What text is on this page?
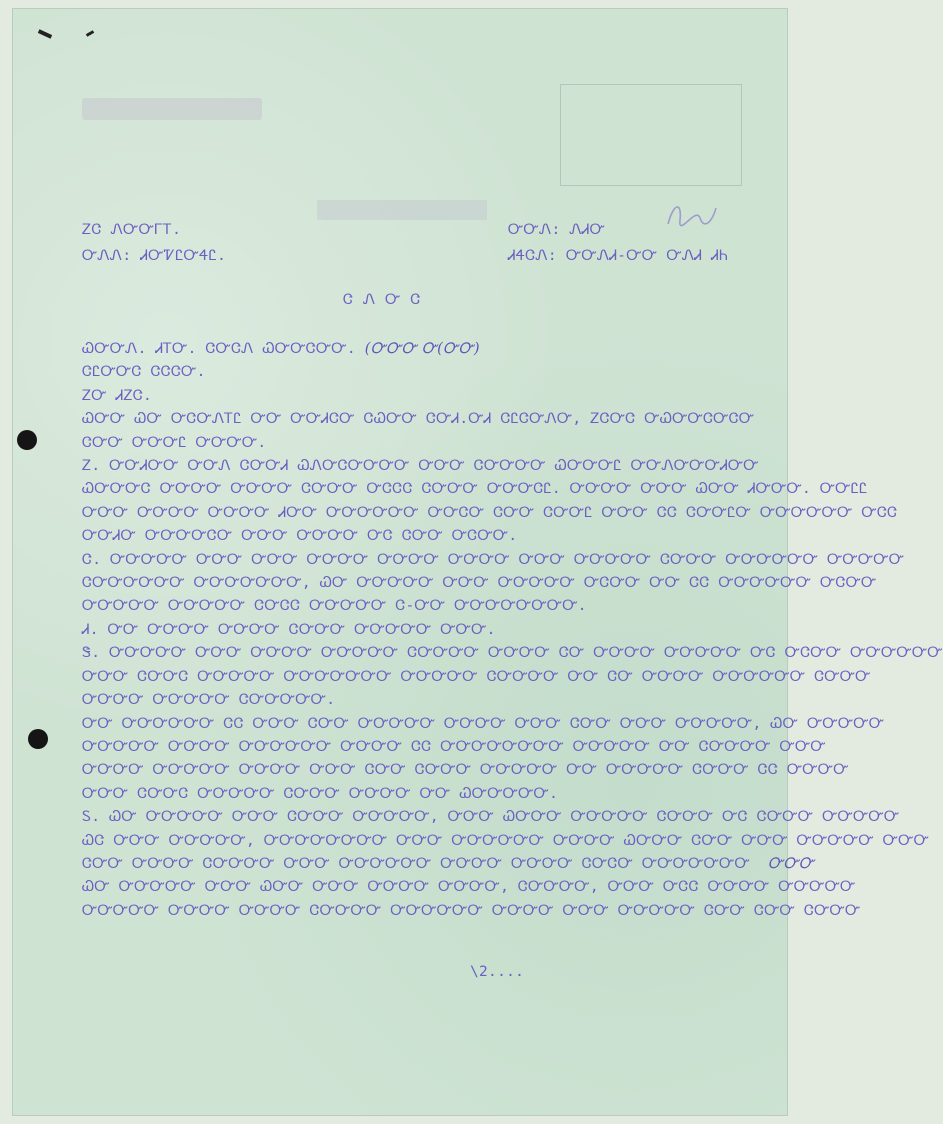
ᏃᏣ ᏁᏅᏅᎱᎢ.
ᏅᏁᏁ: ᏗᏅᏤᏝᏅᏎᏝ.
ᏅᏅᏁ: ᏁᏗᏅ
ᏗᏎᏣᏁ: ᏅᏅᏁᏗ-ᏅᏅ ᏅᏁᏗ ᏗᏂ
ᏣᏁᏅᏣ
ᏇᏅᏅᏁ. ᏗᎢᏅ. ᏣᏅᏣᏁ ᏇᏅᏅᏣᏅᏅ. (ᏅᏅᏅ Ꮕ(ᏅᏅ)
ᏣᏝᏅᏅᏣ ᏣᏣᏣᏅ.
ᏃᏅ ᏗᏃᏣ.
ᏇᏅᏅ ᏇᏅ ᏅᏣᏅᏁᎢᏝ ᏅᏅ ᏅᏅᏗᏣᏅ ᏣᏇᏅᏅ ᏣᏅᏗ.ᏅᏗ ᏣᏝᏣᏅᏁᏅ, ᏃᏣᏅᏣ ᏅᏇᏅᏅᏣᏅᏣᏅ
ᏣᏅᏅ ᏅᏅᏅᏝ ᏅᏅᏅᏅ.
Ꮓ. ᏅᏅᏗᏅᏅ ᏅᏅᏁ ᏣᏅᏅᏗ ᏇᏁᏅᏣᏅᏅᏅᏅ ᏅᏅᏅ ᏣᏅᏅᏅᏅ ᏇᏅᏅᏅᏝ ᏅᏅᏁᏅᏅᏅᏗᏅᏅ
ᏇᏅᏅᏅᏣ ᏅᏅᏅᏅ ᏅᏅᏅᏅ ᏣᏅᏅᏅ ᏅᏣᏣᏣ ᏣᏅᏅᏅ ᏅᏅᏅᏣᏝ. ᏅᏅᏅᏅ ᏅᏅᏅ ᏇᏅᏅ ᏗᏅᏅᏅ. ᏅᏅᏝᏝ
ᏅᏅᏅ ᏅᏅᏅᏅ ᏅᏅᏅᏅ ᏗᏅᏅ ᏅᏅᏅᏅᏅᏅ ᏅᏅᏣᏅ ᏣᏅᏅ ᏣᏅᏅᏝ ᏅᏅᏅ ᏣᏣ ᏣᏅᏅᏝᏅ ᏅᏅᏅᏅᏅᏅ ᏅᏣᏣ
ᏅᏅᏗᏅ ᏅᏅᏅᏅᏣᏅ ᏅᏅᏅ ᏅᏅᏅᏅ ᏅᏣ ᏣᏅᏅ ᏅᏣᏅᏅ.
Ꮳ. ᏅᏅᏅᏅᏅ ᏅᏅᏅ ᏅᏅᏅ ᏅᏅᏅᏅ ᏅᏅᏅᏅ ᏅᏅᏅᏅ ᏅᏅᏅ ᏅᏅᏅᏅᏅ ᏣᏅᏅᏅ ᏅᏅᏅᏅᏅᏅ ᏅᏅᏅᏅᏅ
ᏣᏅᏅᏅᏅᏅᏅ ᏅᏅᏅᏅᏅᏅᏅ, ᏇᏅ ᏅᏅᏅᏅᏅ ᏅᏅᏅ ᏅᏅᏅᏅᏅ ᏅᏣᏅᏅ ᏅᏅ ᏣᏣ ᏅᏅᏅᏅᏅᏅ ᏅᏣᏅᏅ
ᏅᏅᏅᏅᏅ ᏅᏅᏅᏅᏅ ᏣᏅᏣᏣ ᏅᏅᏅᏅᏅ Ꮳ-ᏅᏅ ᏅᏅᏅᏅᏅᏅᏅᏅ.
Ꮧ. ᏅᏅ ᏅᏅᏅᏅ ᏅᏅᏅᏅ ᏣᏅᏅᏅ ᏅᏅᏅᏅᏅ ᏅᏅᏅ.
Ꮥ. ᏅᏅᏅᏅᏅ ᏅᏅᏅ ᏅᏅᏅᏅ ᏅᏅᏅᏅᏅ ᏣᏅᏅᏅᏅ ᏅᏅᏅᏅ ᏣᏅ ᏅᏅᏅᏅ ᏅᏅᏅᏅᏅ ᏅᏣ ᏅᏣᏅᏅ ᏅᏅᏅᏅᏅᏅ
ᏅᏅᏅ ᏣᏅᏅᏣ ᏅᏅᏅᏅᏅ ᏅᏅᏅᏅᏅᏅᏅ ᏅᏅᏅᏅᏅ ᏣᏅᏅᏅᏅ ᏅᏅ ᏣᏅ ᏅᏅᏅᏅ ᏅᏅᏅᏅᏅᏅ ᏣᏅᏅᏅ
ᏅᏅᏅᏅ ᏅᏅᏅᏅᏅ ᏣᏅᏅᏅᏅᏅ.
ᏅᏅ ᏅᏅᏅᏅᏅᏅ ᏣᏣ ᏅᏅᏅ ᏣᏅᏅ ᏅᏅᏅᏅᏅ ᏅᏅᏅᏅ ᏅᏅᏅ ᏣᏅᏅ ᏅᏅᏅ ᏅᏅᏅᏅᏅ, ᏇᏅ ᏅᏅᏅᏅᏅ
ᏅᏅᏅᏅᏅ ᏅᏅᏅᏅ ᏅᏅᏅᏅᏅᏅ ᏅᏅᏅᏅ ᏣᏣ ᏅᏅᏅᏅᏅᏅᏅᏅ ᏅᏅᏅᏅᏅ ᏅᏅ ᏣᏅᏅᏅᏅ ᏅᏅᏅ
ᏅᏅᏅᏅ ᏅᏅᏅᏅᏅ ᏅᏅᏅᏅ ᏅᏅᏅ ᏣᏅᏅ ᏣᏅᏅᏅ ᏅᏅᏅᏅᏅ ᏅᏅ ᏅᏅᏅᏅᏅ ᏣᏅᏅᏅ ᏣᏣ ᏅᏅᏅᏅ
ᏅᏅᏅ ᏣᏅᏅᏣ ᏅᏅᏅᏅᏅ ᏣᏅᏅᏅ ᏅᏅᏅᏅ ᏅᏅ ᏇᏅᏅᏅᏅᏅ.
Ꮪ. ᏇᏅ ᏅᏅᏅᏅᏅ ᏅᏅᏅ ᏣᏅᏅᏅ ᏅᏅᏅᏅᏅ, ᏅᏅᏅ ᏇᏅᏅᏅ ᏅᏅᏅᏅᏅ ᏣᏅᏅᏅ ᏅᏣ ᏣᏅᏅᏅ ᏅᏅᏅᏅᏅ
ᏇᏣ ᏅᏅᏅ ᏅᏅᏅᏅᏅ, ᏅᏅᏅᏅᏅᏅᏅᏅ ᏅᏅᏅ ᏅᏅᏅᏅᏅᏅ ᏅᏅᏅᏅ ᏇᏅᏅᏅ ᏣᏅᏅ ᏅᏅᏅ ᏅᏅᏅᏅᏅ ᏅᏅᏅ
ᏣᏅᏅ ᏅᏅᏅᏅ ᏣᏅᏅᏅᏅ ᏅᏅᏅ ᏅᏅᏅᏅᏅᏅ ᏅᏅᏅᏅ ᏅᏅᏅᏅ ᏣᏅᏣᏅ ᏅᏅᏅᏅᏅᏅᏅ ᏅᏅᏅ
ᏇᏅ ᏅᏅᏅᏅᏅ ᏅᏅᏅ ᏇᏅᏅ ᏅᏅᏅ ᏅᏅᏅᏅ ᏅᏅᏅᏅ, ᏣᏅᏅᏅᏅ, ᏅᏅᏅ ᏅᏣᏣ ᏅᏅᏅᏅ ᏅᏅᏅᏅᏅ
ᏅᏅᏅᏅᏅ ᏅᏅᏅᏅ ᏅᏅᏅᏅ ᏣᏅᏅᏅᏅ ᏅᏅᏅᏅᏅᏅ ᏅᏅᏅᏅ ᏅᏅᏅ ᏅᏅᏅᏅᏅ ᏣᏅᏅ ᏣᏅᏅ ᏣᏅᏅᏅ
\2....
